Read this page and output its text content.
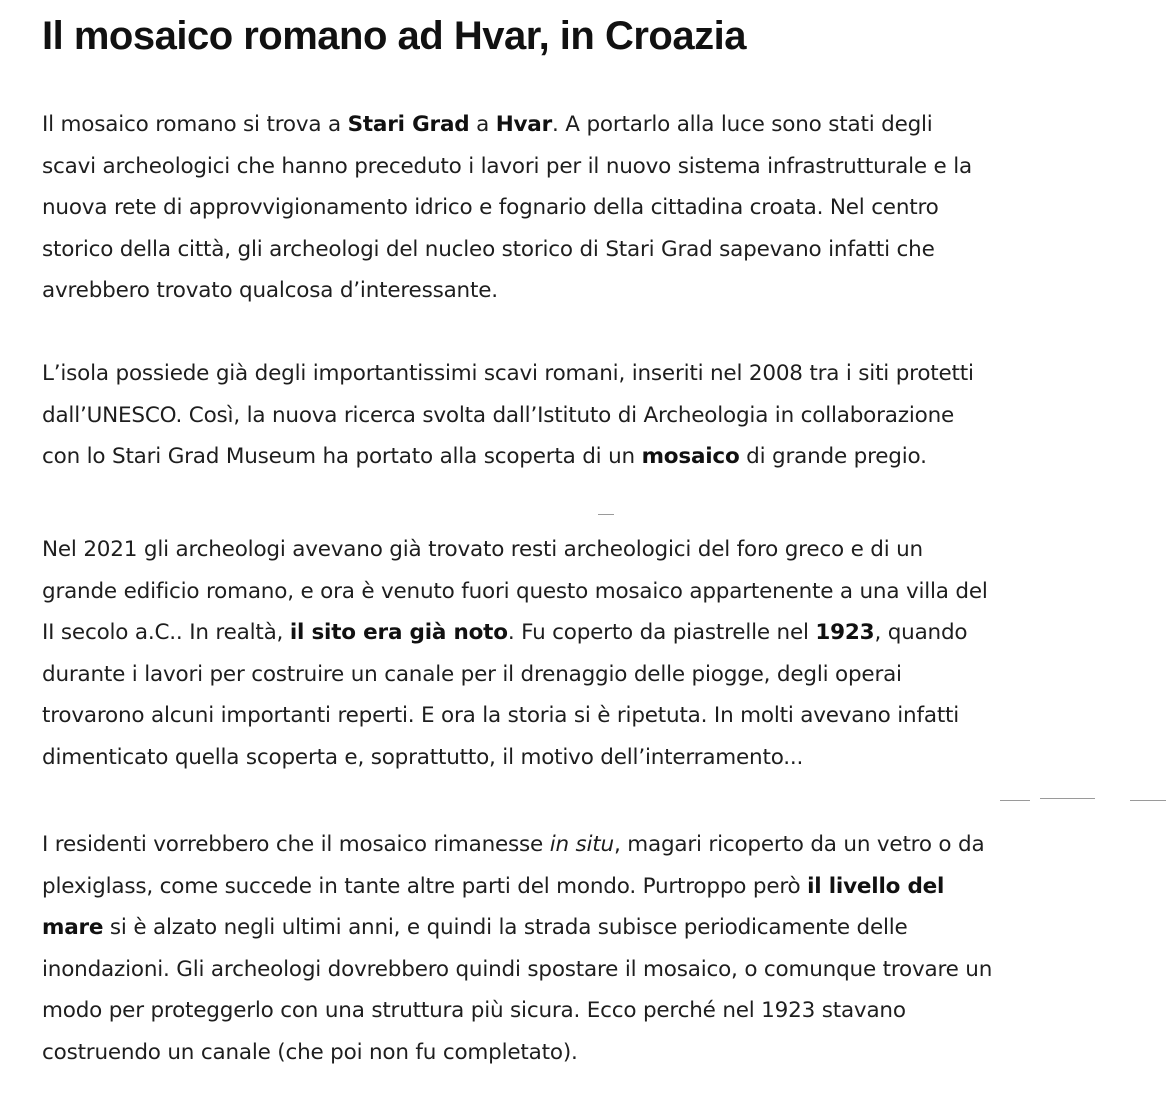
Il mosaico romano ad Hvar, in Croazia
Il mosaico romano si trova a Stari Grad a Hvar. A portarlo alla luce sono stati degli
scavi archeologici che hanno preceduto i lavori per il nuovo sistema infrastrutturale e la
nuova rete di approvvigionamento idrico e fognario della cittadina croata. Nel centro
storico della città, gli archeologi del nucleo storico di Stari Grad sapevano infatti che
avrebbero trovato qualcosa d’interessante.
L’isola possiede già degli importantissimi scavi romani, inseriti nel 2008 tra i siti protetti
dall’UNESCO. Così, la nuova ricerca svolta dall’Istituto di Archeologia in collaborazione
con lo Stari Grad Museum ha portato alla scoperta di un mosaico di grande pregio.
Nel 2021 gli archeologi avevano già trovato resti archeologici del foro greco e di un
grande edificio romano, e ora è venuto fuori questo mosaico appartenente a una villa del
II secolo a.C.. In realtà, il sito era già noto. Fu coperto da piastrelle nel 1923, quando
durante i lavori per costruire un canale per il drenaggio delle piogge, degli operai
trovarono alcuni importanti reperti. E ora la storia si è ripetuta. In molti avevano infatti
dimenticato quella scoperta e, soprattutto, il motivo dell’interramento...
I residenti vorrebbero che il mosaico rimanesse in situ, magari ricoperto da un vetro o da
plexiglass, come succede in tante altre parti del mondo. Purtroppo però il livello del
mare si è alzato negli ultimi anni, e quindi la strada subisce periodicamente delle
inondazioni. Gli archeologi dovrebbero quindi spostare il mosaico, o comunque trovare un
modo per proteggerlo con una struttura più sicura. Ecco perché nel 1923 stavano
costruendo un canale (che poi non fu completato).
